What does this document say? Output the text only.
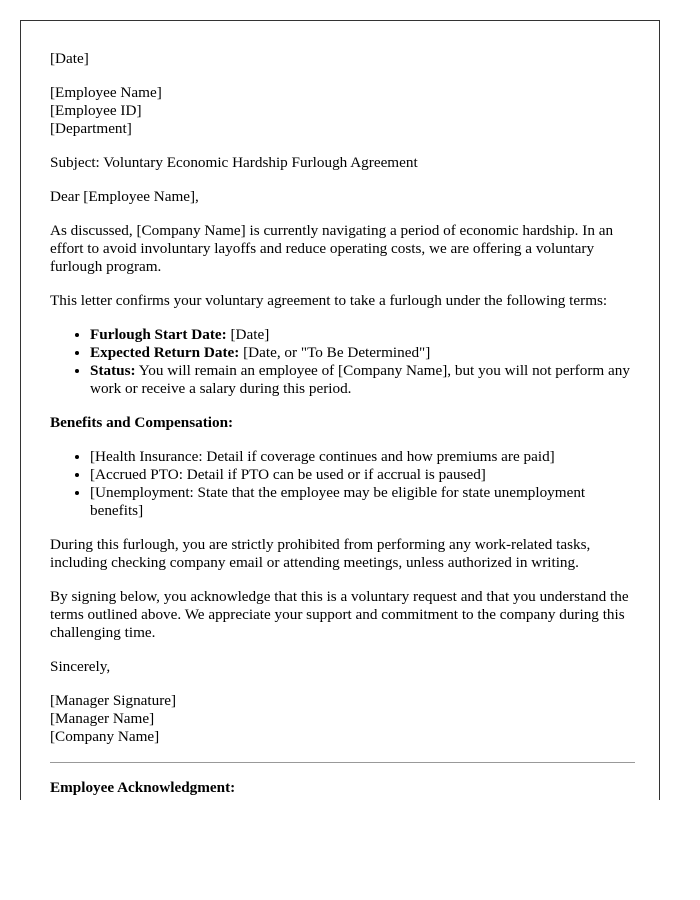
[Date]

[Employee Name]

[Employee ID]

[Department]

Subject: Voluntary Economic Hardship Furlough Agreement

Dear [Employee Name],

As discussed, [Company Name] is currently navigating a period of economic hardship. In an effort to avoid involuntary layoffs and reduce operating costs, we are offering a voluntary furlough program.

This letter confirms your voluntary agreement to take a furlough under the following terms:

• Furlough Start Date: [Date]
• Expected Return Date: [Date, or "To Be Determined"]
• Status: You will remain an employee of [Company Name], but you will not perform any work or receive a salary during this period.

Benefits and Compensation:

• [Health Insurance: Detail if coverage continues and how premiums are paid]
• [Accrued PTO: Detail if PTO can be used or if accrual is paused]
• [Unemployment: State that the employee may be eligible for state unemployment benefits]

During this furlough, you are strictly prohibited from performing any work-related tasks, including checking company email or attending meetings, unless authorized in writing.

By signing below, you acknowledge that this is a voluntary request and that you understand the terms outlined above. We appreciate your support and commitment to the company during this challenging time.

Sincerely,

[Manager Signature]

[Manager Name]

[Company Name]

Employee Acknowledgment:
